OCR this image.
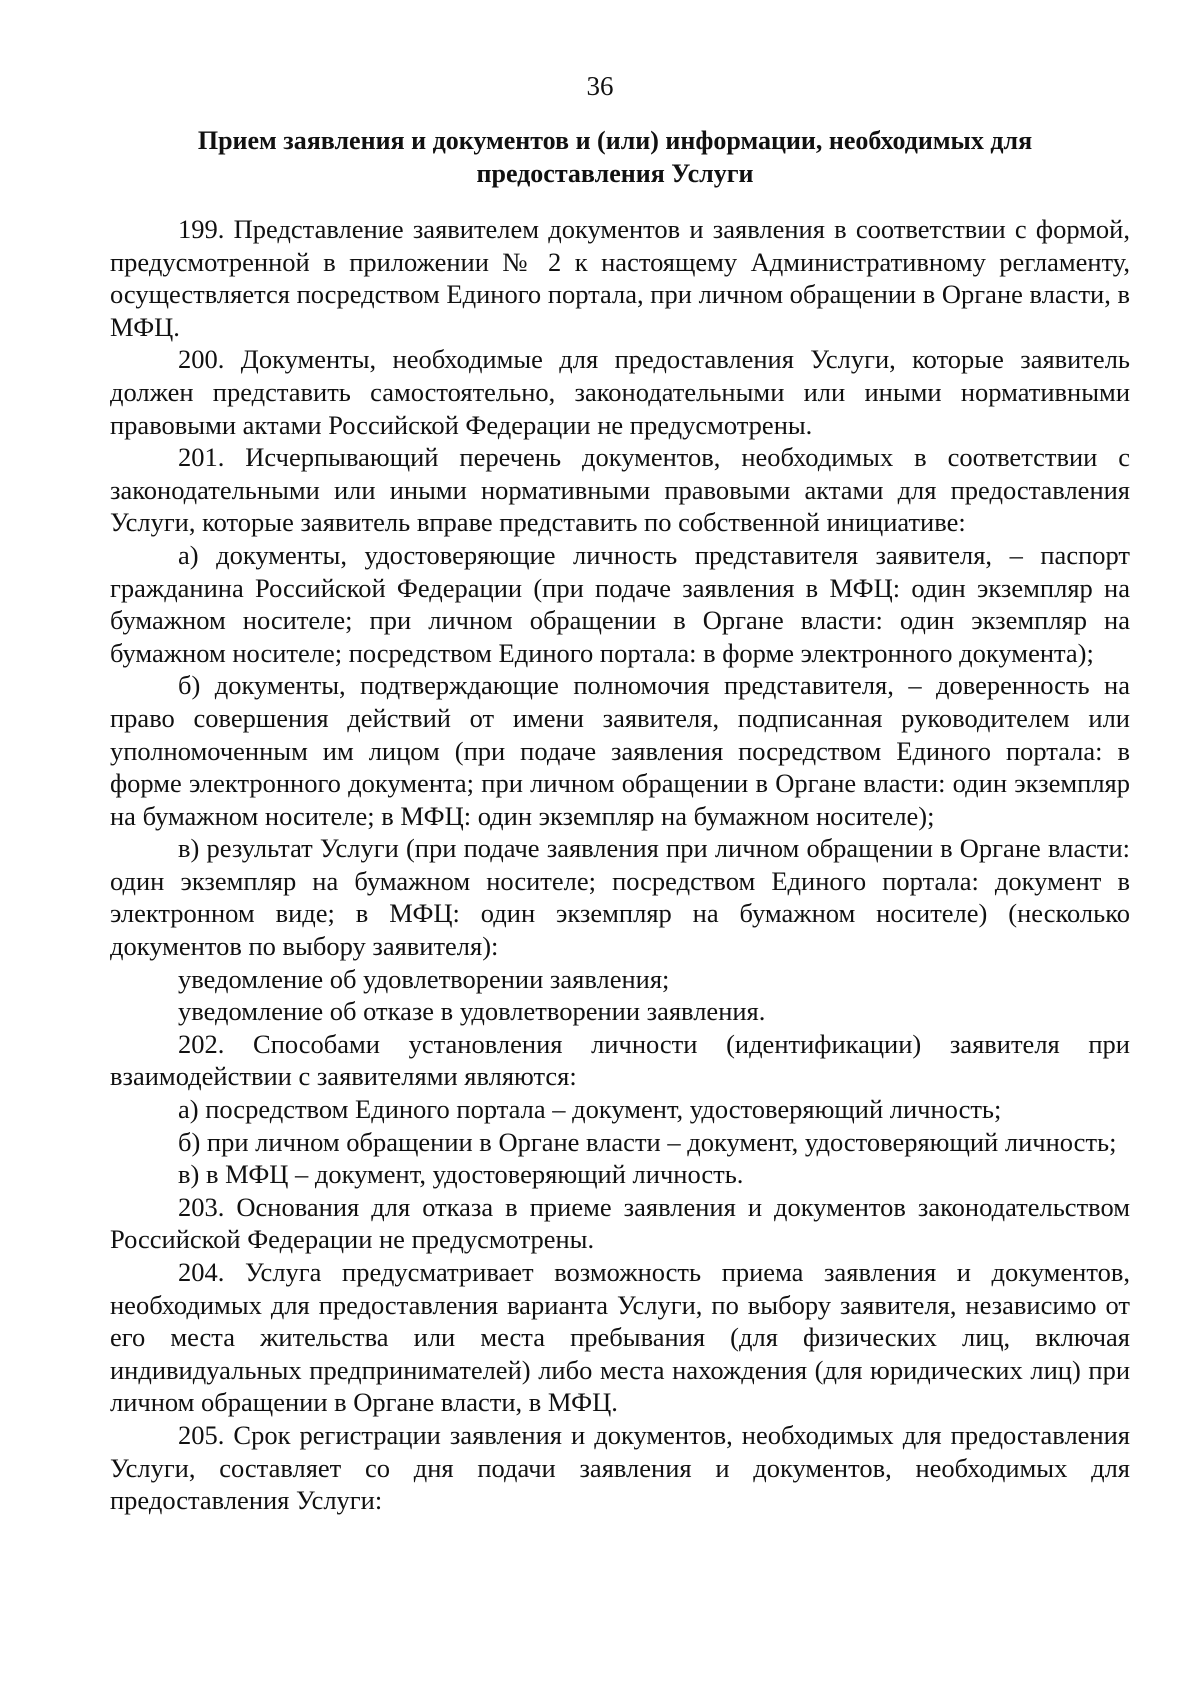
36
Прием заявления и документов и (или) информации, необходимых для предоставления Услуги

199. Представление заявителем документов и заявления в соответствии с формой, предусмотренной в приложении № 2 к настоящему Административному регламенту, осуществляется посредством Единого портала, при личном обращении в Органе власти, в МФЦ.

200. Документы, необходимые для предоставления Услуги, которые заявитель должен представить самостоятельно, законодательными или иными нормативными правовыми актами Российской Федерации не предусмотрены.

201. Исчерпывающий перечень документов, необходимых в соответствии с законодательными или иными нормативными правовыми актами для предоставления Услуги, которые заявитель вправе представить по собственной инициативе:

а) документы, удостоверяющие личность представителя заявителя, – паспорт гражданина Российской Федерации (при подаче заявления в МФЦ: один экземпляр на бумажном носителе; при личном обращении в Органе власти: один экземпляр на бумажном носителе; посредством Единого портала: в форме электронного документа);

б) документы, подтверждающие полномочия представителя, – доверенность на право совершения действий от имени заявителя, подписанная руководителем или уполномоченным им лицом (при подаче заявления посредством Единого портала: в форме электронного документа; при личном обращении в Органе власти: один экземпляр на бумажном носителе; в МФЦ: один экземпляр на бумажном носителе);

в) результат Услуги (при подаче заявления при личном обращении в Органе власти: один экземпляр на бумажном носителе; посредством Единого портала: документ в электронном виде; в МФЦ: один экземпляр на бумажном носителе) (несколько документов по выбору заявителя):

уведомление об удовлетворении заявления;

уведомление об отказе в удовлетворении заявления.

202. Способами установления личности (идентификации) заявителя при взаимодействии с заявителями являются:

а) посредством Единого портала – документ, удостоверяющий личность;

б) при личном обращении в Органе власти – документ, удостоверяющий личность;

в) в МФЦ – документ, удостоверяющий личность.

203. Основания для отказа в приеме заявления и документов законодательством Российской Федерации не предусмотрены.

204. Услуга предусматривает возможность приема заявления и документов, необходимых для предоставления варианта Услуги, по выбору заявителя, независимо от его места жительства или места пребывания (для физических лиц, включая индивидуальных предпринимателей) либо места нахождения (для юридических лиц) при личном обращении в Органе власти, в МФЦ.

205. Срок регистрации заявления и документов, необходимых для предоставления Услуги, составляет со дня подачи заявления и документов, необходимых для предоставления Услуги:
